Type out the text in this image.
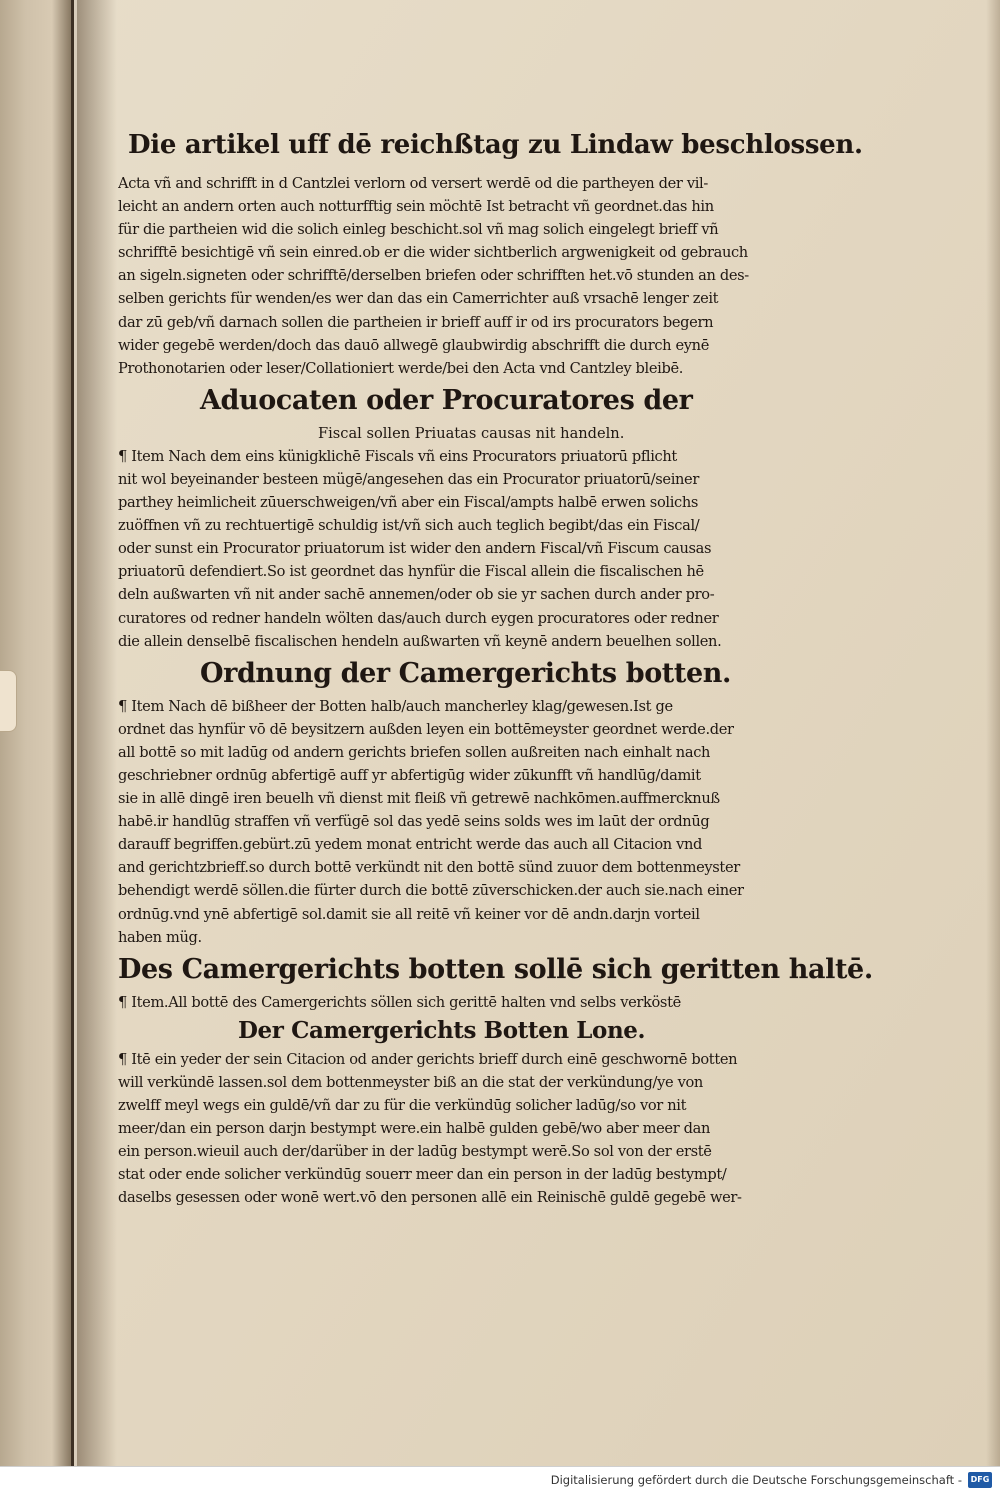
Die artikel uff dē reichßtag zu Lindaw beschlossen.
Acta vñ and schrifft in d Cantzlei verlorn od versert werdē od die partheyen der vil-
leicht an andern orten auch notturfftig sein möchtē Ist betracht vñ geordnet.das hin
für die partheien wid die solich einleg beschicht.sol vñ mag solich eingelegt brieff vñ
schrifftē besichtigē vñ sein einred.ob er die wider sichtberlich argwenigkeit od gebrauch
an sigeln.signeten oder schrifftē/derselben briefen oder schrifften het.vō stunden an des-
selben gerichts für wenden/es wer dan das ein Camerrichter auß vrsachē lenger zeit
dar zū geb/vñ darnach sollen die partheien ir brieff auff ir od irs procurators begern
wider gegebē werden/doch das dauō allwegē glaubwirdig abschrifft die durch eynē
Prothonotarien oder leser/Collationiert werde/bei den Acta vnd Cantzley bleibē.
Aduocaten oder Procuratores der
Fiscal sollen Priuatas causas nit handeln.
¶ Item Nach dem eins künigklichē Fiscals vñ eins Procurators priuatorū pflicht
nit wol beyeinander besteen mügē/angesehen das ein Procurator priuatorū/seiner
parthey heimlicheit zūuerschweigen/vñ aber ein Fiscal/ampts halbē erwen solichs
zuöffnen vñ zu rechtuertigē schuldig ist/vñ sich auch teglich begibt/das ein Fiscal/
oder sunst ein Procurator priuatorum ist wider den andern Fiscal/vñ Fiscum causas
priuatorū defendiert.So ist geordnet das hynfür die Fiscal allein die fiscalischen hē
deln außwarten vñ nit ander sachē annemen/oder ob sie yr sachen durch ander pro-
curatores od redner handeln wölten das/auch durch eygen procuratores oder redner
die allein denselbē fiscalischen hendeln außwarten vñ keynē andern beuelhen sollen.
Ordnung der Camergerichts botten.
¶ Item Nach dē bißheer der Botten halb/auch mancherley klag/gewesen.Ist ge
ordnet das hynfür vō dē beysitzern außden leyen ein bottēmeyster geordnet werde.der
all bottē so mit ladūg od andern gerichts briefen sollen außreiten nach einhalt nach
geschriebner ordnūg abfertigē auff yr abfertigūg wider zūkunfft vñ handlūg/damit
sie in allē dingē iren beuelh vñ dienst mit fleiß vñ getrewē nachkōmen.auffmercknuß
habē.ir handlūg straffen vñ verfügē sol das yedē seins solds wes im laūt der ordnūg
darauff begriffen.gebürt.zū yedem monat entricht werde das auch all Citacion vnd
and gerichtzbrieff.so durch bottē verkündt nit den bottē sünd zuuor dem bottenmeyster
behendigt werdē söllen.die fürter durch die bottē zūverschicken.der auch sie.nach einer
ordnūg.vnd ynē abfertigē sol.damit sie all reitē vñ keiner vor dē andn.darjn vorteil
haben müg.
Des Camergerichts botten sollē sich geritten haltē.
¶ Item.All bottē des Camergerichts söllen sich gerittē halten vnd selbs verköstē
Der Camergerichts Botten Lone.
¶ Itē ein yeder der sein Citacion od ander gerichts brieff durch einē geschwornē botten
will verkündē lassen.sol dem bottenmeyster biß an die stat der verkündung/ye von
zwelff meyl wegs ein guldē/vñ dar zu für die verkündūg solicher ladūg/so vor nit
meer/dan ein person darjn bestympt were.ein halbē gulden gebē/wo aber meer dan
ein person.wieuil auch der/darüber in der ladūg bestympt werē.So sol von der erstē
stat oder ende solicher verkündūg souerr meer dan ein person in der ladūg bestympt/
daselbs gesessen oder wonē wert.vō den personen allē ein Reinischē guldē gegebē wer-
Digitalisierung gefördert durch die Deutsche Forschungsgemeinschaft -	DFG
